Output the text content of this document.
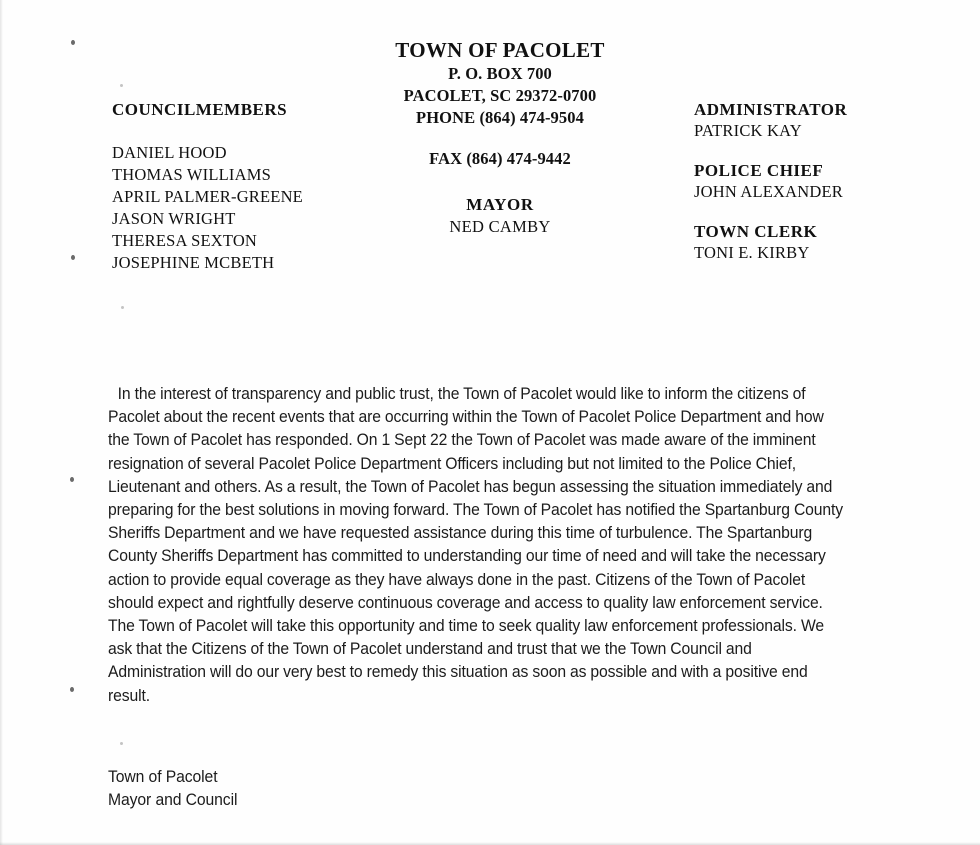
TOWN OF PACOLET
P. O. BOX 700
PACOLET, SC 29372-0700
PHONE (864) 474-9504
FAX (864) 474-9442
MAYOR
NED CAMBY
COUNCILMEMBERS
DANIEL HOOD
THOMAS WILLIAMS
APRIL PALMER-GREENE
JASON WRIGHT
THERESA SEXTON
JOSEPHINE MCBETH
ADMINISTRATOR
PATRICK KAY
POLICE CHIEF
JOHN ALEXANDER
TOWN CLERK
TONI E. KIRBY

In the interest of transparency and public trust, the Town of Pacolet would like to inform the citizens of Pacolet about the recent events that are occurring within the Town of Pacolet Police Department and how the Town of Pacolet has responded. On 1 Sept 22 the Town of Pacolet was made aware of the imminent resignation of several Pacolet Police Department Officers including but not limited to the Police Chief, Lieutenant and others. As a result, the Town of Pacolet has begun assessing the situation immediately and preparing for the best solutions in moving forward. The Town of Pacolet has notified the Spartanburg County Sheriffs Department and we have requested assistance during this time of turbulence. The Spartanburg County Sheriffs Department has committed to understanding our time of need and will take the necessary action to provide equal coverage as they have always done in the past. Citizens of the Town of Pacolet should expect and rightfully deserve continuous coverage and access to quality law enforcement service. The Town of Pacolet will take this opportunity and time to seek quality law enforcement professionals. We ask that the Citizens of the Town of Pacolet understand and trust that we the Town Council and Administration will do our very best to remedy this situation as soon as possible and with a positive end result.

Town of Pacolet
Mayor and Council
